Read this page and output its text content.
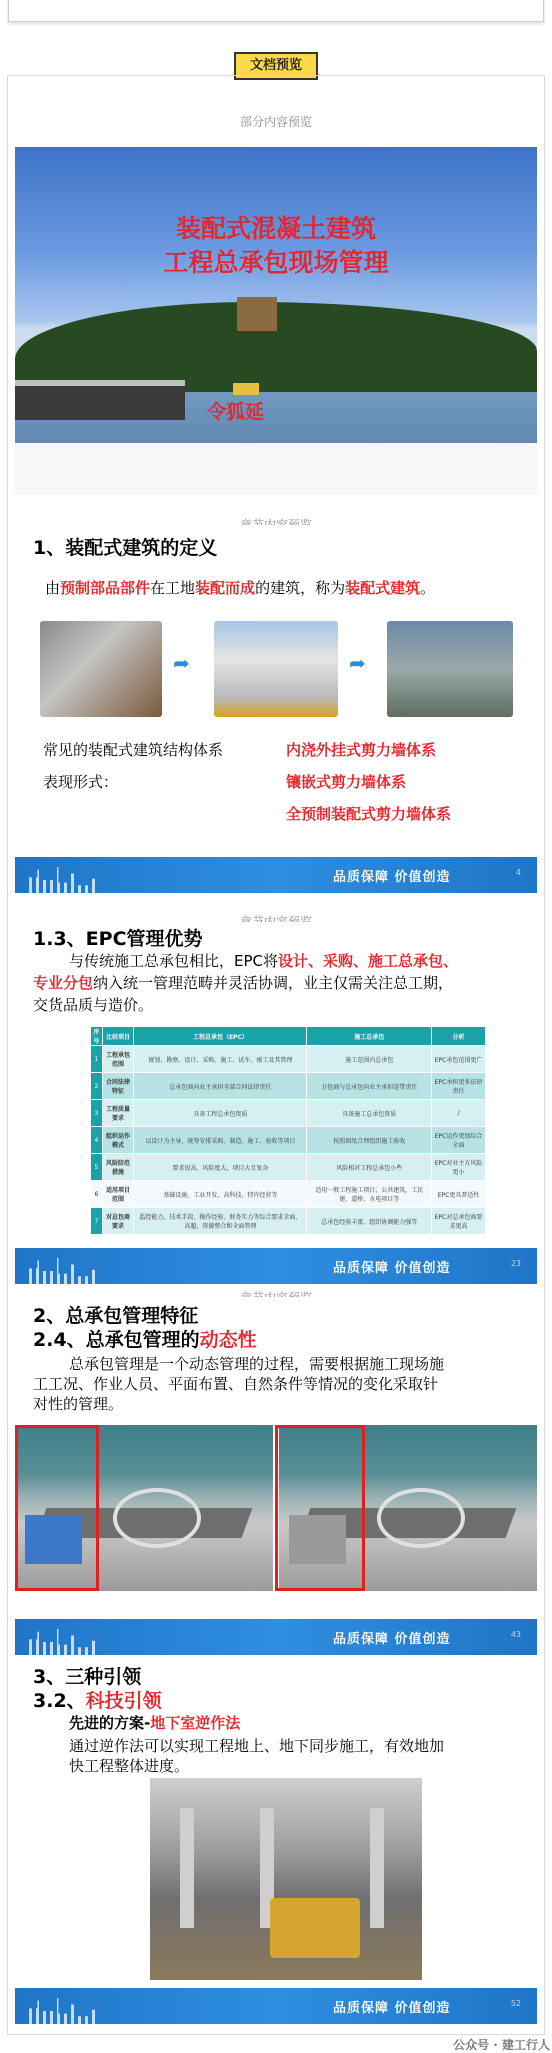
文档预览
部分内容预览
装配式混凝土建筑
工程总承包现场管理
令狐延
1、装配式建筑的定义
由预制部品部件在工地装配而成的建筑，称为装配式建筑。
➦	➦
常见的装配式建筑结构体系
表现形式：
内浇外挂式剪力墙体系
镶嵌式剪力墙体系
全预制装配式剪力墙体系
品质保障 价值创造	4
1.3、EPC管理优势
与传统施工总承包相比，EPC将设计、采购、施工总承包、
专业分包纳入统一管理范畴并灵活协调，业主仅需关注总工期，
交货品质与造价。
序号	比较项目	工程总承包（EPC）	施工总承包	分析
1	工程承包范围	规划、勘察、设计、采购、施工、试车、竣工及其管理	施工范围内总承包	EPC承包范围更广
2	合同法律特征	总承包商向业主承担全部合同法律责任	分包商与总承包向业主承担连带责任	EPC承担更多法律责任
3	工程质量要求	具备工程总承包资质	具备施工总承包资质	/
4	组织运作模式	以设计为主导，统筹安排采购、制造、施工、验收等项目	按照图纸合理组织施工验收	EPC运作更加综合全面
5	风险防范措施	要求很高，风险度大，项目大且复杂	风险相对工程总承包小些	EPC对业主方风险更小
6	适用项目范围	基础设施、工业开发、高科技、特许经营等	适用一般工程施工项目，公共建筑、工民建、道桥、水电项目等	EPC更具普适性
7	对总包商要求	监控能力、技术手段、操作经验、财务实力等综合要求全面、高超，资源整合和全面管理	总承包经验丰富、组织协调能力强等	EPC对总承包商要求更高
品质保障 价值创造	23
2、总承包管理特征
2.4、总承包管理的动态性
总承包管理是一个动态管理的过程，需要根据施工现场施
工工况、作业人员、平面布置、自然条件等情况的变化采取针
对性的管理。
品质保障 价值创造	43
3、三种引领
3.2、科技引领
先进的方案-地下室逆作法
通过逆作法可以实现工程地上、地下同步施工，有效地加
快工程整体进度。
品质保障 价值创造	52
公众号 · 建工行人
